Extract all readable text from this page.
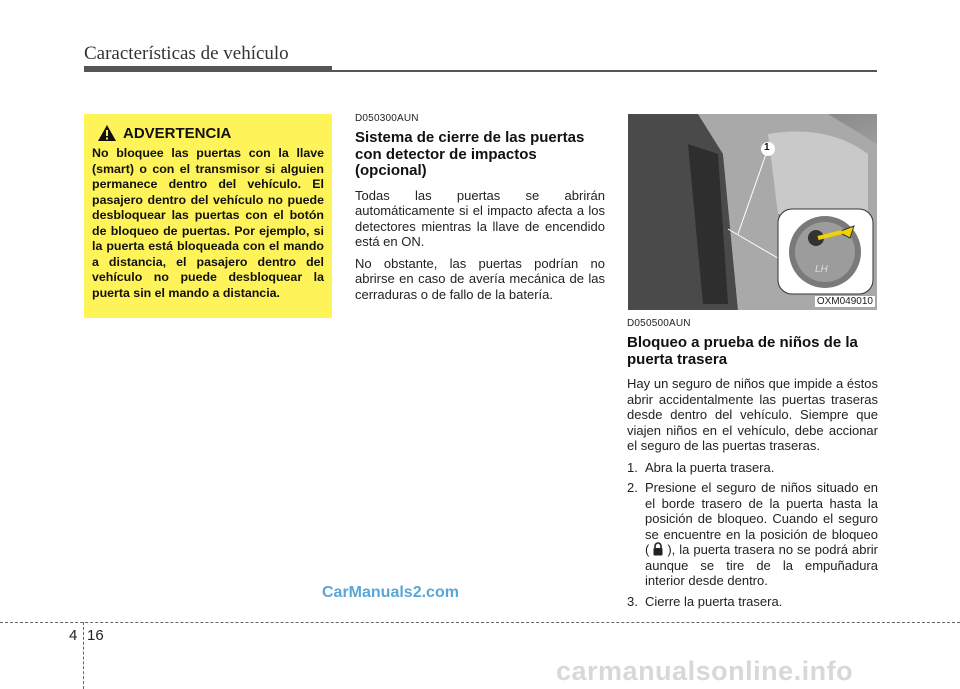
Características de vehículo
ADVERTENCIA
No bloquee las puertas con la llave (smart) o con el transmisor si alguien permanece dentro del vehículo. El pasajero dentro del vehículo no puede desbloquear las puertas con el botón de bloqueo de puertas. Por ejemplo, si la puerta está bloqueada con el mando a distancia, el pasajero dentro del vehículo no puede desbloquear la puerta sin el mando a distancia.
D050300AUN
Sistema de cierre de las puertas con detector de impactos (opcional)
Todas las puertas se abrirán automáticamente si el impacto afecta a los detectores mientras la llave de encendido está en ON.
No obstante, las puertas podrían no abrirse en caso de avería mecánica de las cerraduras o de fallo de la batería.
1
LH
OXM049010
D050500AUN
Bloqueo a prueba de niños de la puerta trasera
Hay un seguro de niños que impide a éstos abrir accidentalmente las puertas traseras desde dentro del vehículo. Siempre que viajen niños en el vehículo, debe accionar el seguro de las puertas traseras.
1. Abra la puerta trasera.
2. Presione el seguro de niños situado en el borde trasero de la puerta hasta la posición de bloqueo. Cuando el seguro se encuentre en la posición de bloqueo ( ), la puerta trasera no se podrá abrir aunque se tire de la empuñadura interior desde dentro.
3. Cierre la puerta trasera.
CarManuals2.com
4 16
carmanualsonline.info
